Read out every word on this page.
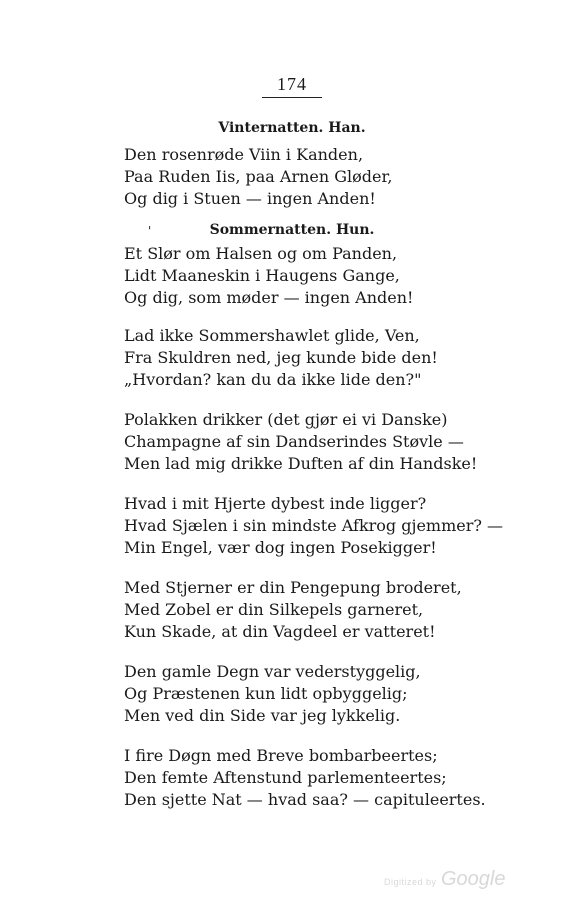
174
Vinternatten. Han.
Den rosenrøde Viin i Kanden,
Paa Ruden Iis, paa Arnen Gløder,
Og dig i Stuen — ingen Anden!
'	Sommernatten. Hun.
Et Slør om Halsen og om Panden,
Lidt Maaneskin i Haugens Gange,
Og dig, som møder — ingen Anden!
Lad ikke Sommershawlet glide, Ven,
Fra Skuldren ned, jeg kunde bide den!
„Hvordan? kan du da ikke lide den?"
Polakken drikker (det gjør ei vi Danske)
Champagne af sin Dandserindes Støvle —
Men lad mig drikke Duften af din Handske!
Hvad i mit Hjerte dybest inde ligger?
Hvad Sjælen i sin mindste Afkrog gjemmer? —
Min Engel, vær dog ingen Posekigger!
Med Stjerner er din Pengepung broderet,
Med Zobel er din Silkepels garneret,
Kun Skade, at din Vagdeel er vatteret!
Den gamle Degn var vederstyggelig,
Og Præstenen kun lidt opbyggelig;
Men ved din Side var jeg lykkelig.
I fire Døgn med Breve bombarbeertes;
Den femte Aftenstund parlementeertes;
Den sjette Nat — hvad saa? — capituleertes.
Digitized by Google
